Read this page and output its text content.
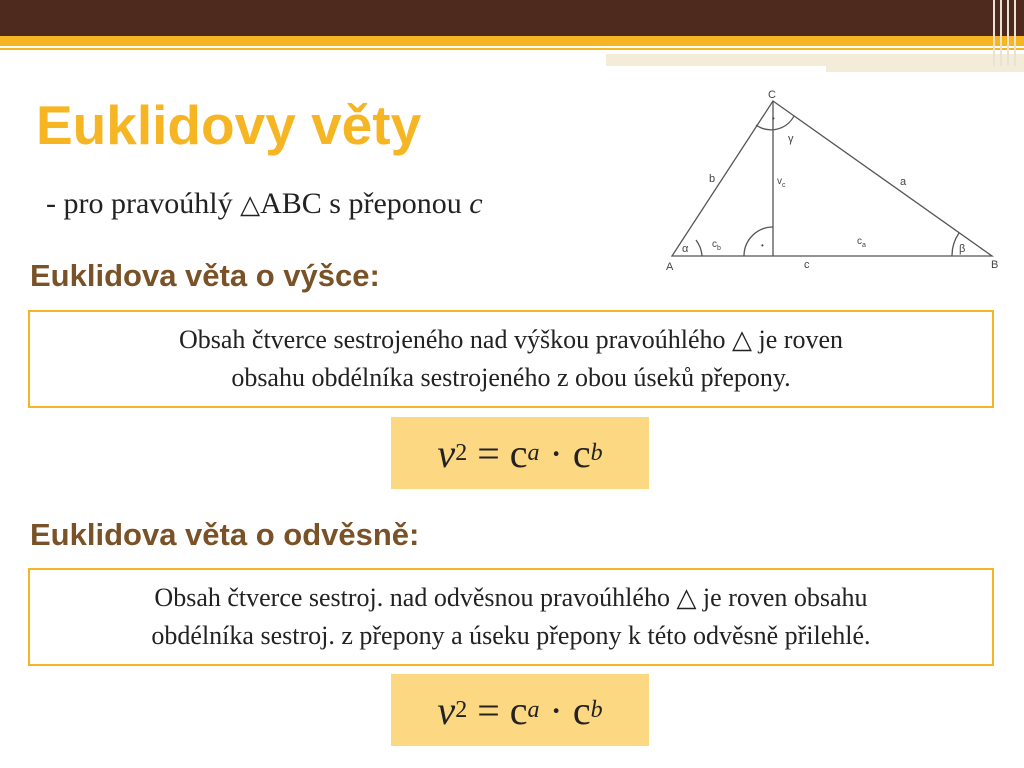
Euklidovy věty
- pro pravoúhlý △ABC s přeponou c
C
A	B
b	a
c
γ
α	β
•
•
$v_c$
$c_b$
$c_a$
Euklidova věta o výšce:
Obsah čtverce sestrojeného nad výškou pravoúhlého △ je roven
obsahu obdélníka sestrojeného z obou úseků přepony.
v 2 = c a · c b
Euklidova věta o odvěsně:
Obsah čtverce sestroj. nad odvěsnou pravoúhlého △ je roven obsahu
obdélníka sestroj. z přepony a úseku přepony k této odvěsně přilehlé.
v 2 = c a · c b
